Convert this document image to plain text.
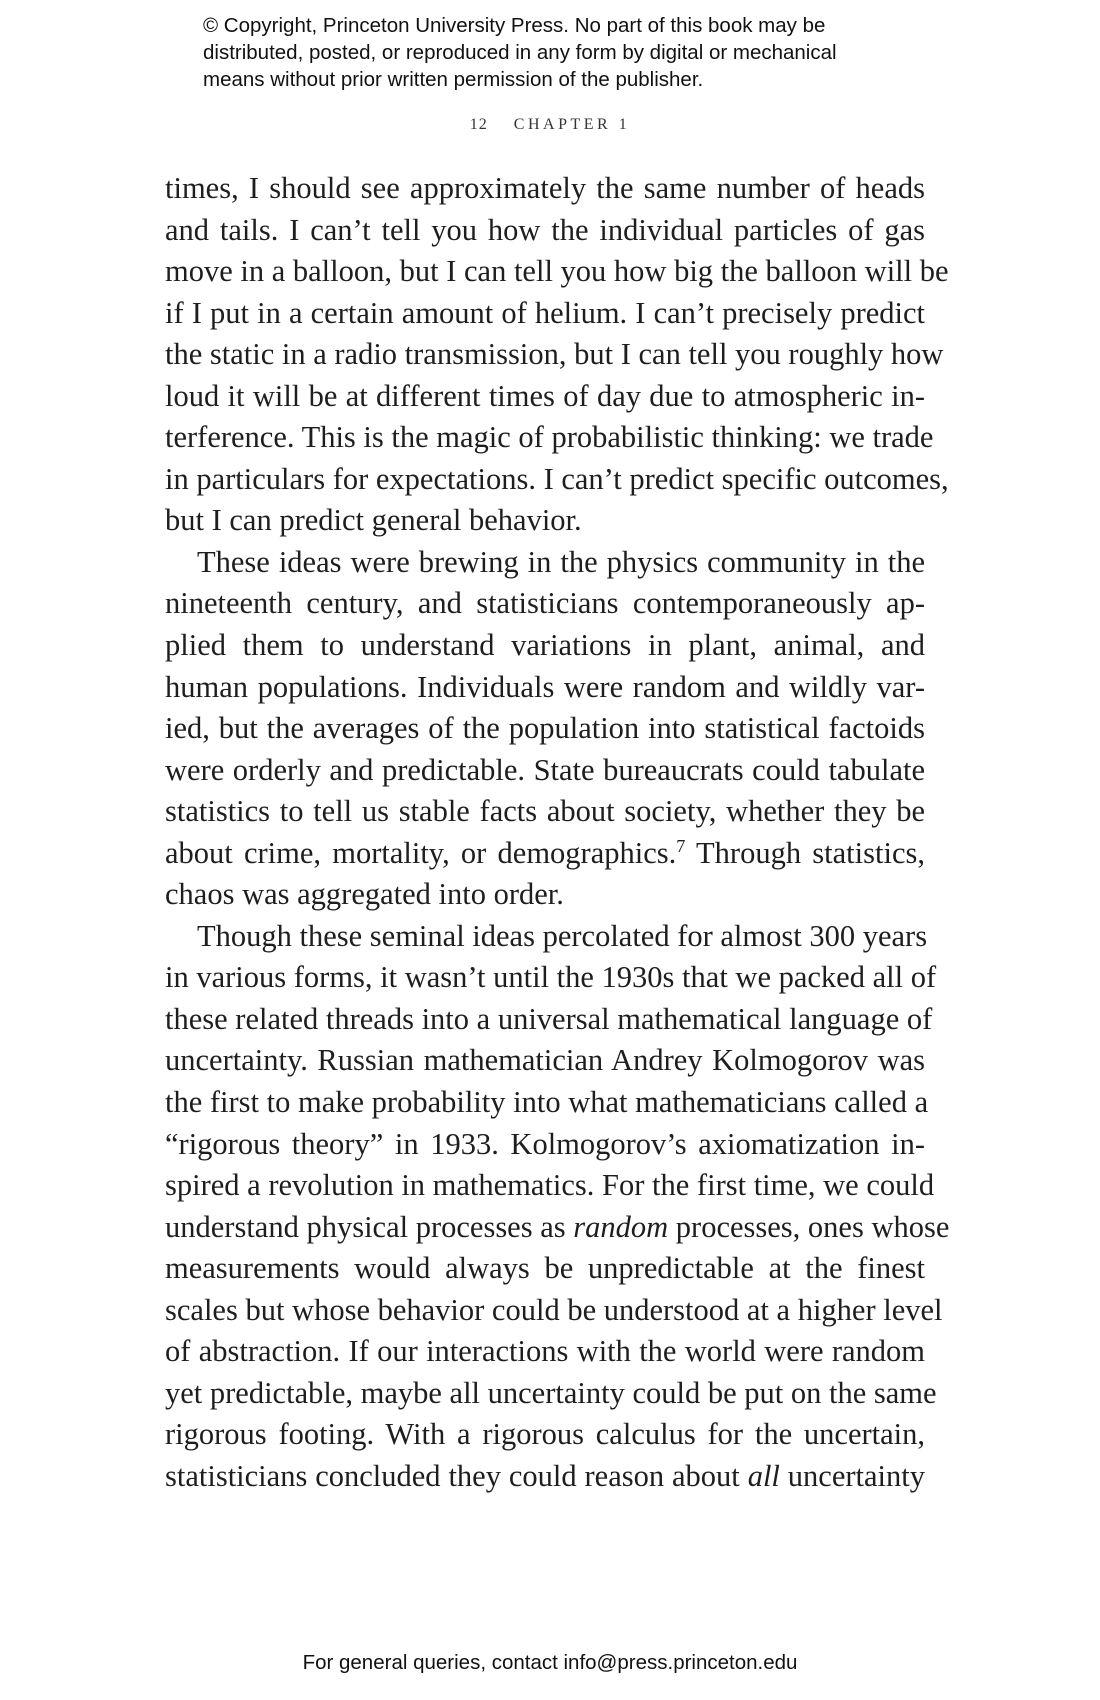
© Copyright, Princeton University Press. No part of this book may be
distributed, posted, or reproduced in any form by digital or mechanical
means without prior written permission of the publisher.
12 CHAPTER 1
times, I should see approximately the same number of heads
and tails. I can’t tell you how the individual particles of gas
move in a balloon, but I can tell you how big the balloon will be
if I put in a certain amount of helium. I can’t precisely predict
the static in a radio transmission, but I can tell you roughly how
loud it will be at different times of day due to atmospheric in-
terference. This is the magic of probabilistic thinking: we trade
in particulars for expectations. I can’t predict specific outcomes,
but I can predict general behavior.
These ideas were brewing in the physics community in the
nineteenth century, and statisticians contemporaneously ap-
plied them to understand variations in plant, animal, and
human populations. Individuals were random and wildly var-
ied, but the averages of the population into statistical factoids
were orderly and predictable. State bureaucrats could tabulate
statistics to tell us stable facts about society, whether they be
about crime, mortality, or demographics.$^7$ Through statistics,
chaos was aggregated into order.
Though these seminal ideas percolated for almost 300 years
in various forms, it wasn’t until the 1930s that we packed all of
these related threads into a universal mathematical language of
uncertainty. Russian mathematician Andrey Kolmogorov was
the first to make probability into what mathematicians called a
“rigorous theory” in 1933. Kolmogorov’s axiomatization in-
spired a revolution in mathematics. For the first time, we could
understand physical processes as random processes, ones whose
measurements would always be unpredictable at the finest
scales but whose behavior could be understood at a higher level
of abstraction. If our interactions with the world were random
yet predictable, maybe all uncertainty could be put on the same
rigorous footing. With a rigorous calculus for the uncertain,
statisticians concluded they could reason about all uncertainty
For general queries, contact info@press.princeton.edu
